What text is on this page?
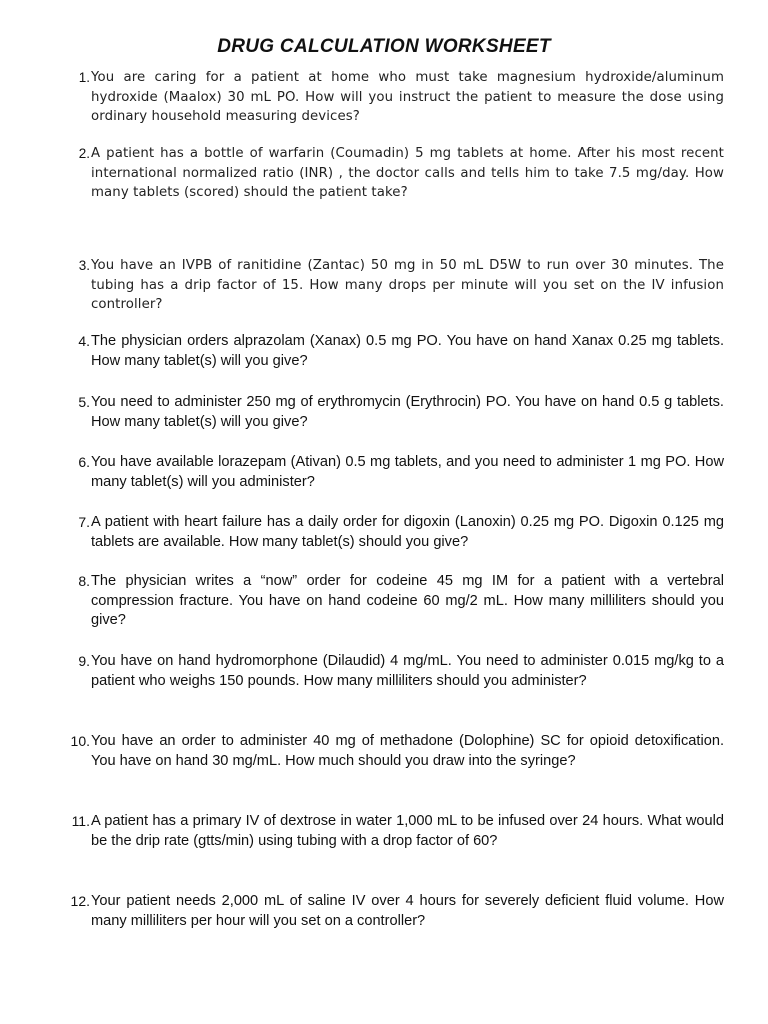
DRUG CALCULATION WORKSHEET
1. You are caring for a patient at home who must take magnesium hydroxide/aluminum hydroxide (Maalox) 30 mL PO. How will you instruct the patient to measure the dose using ordinary household measuring devices?
2. A patient has a bottle of warfarin (Coumadin) 5 mg tablets at home. After his most recent international normalized ratio (INR) , the doctor calls and tells him to take 7.5 mg/day. How many tablets (scored) should the patient take?
3. You have an IVPB of ranitidine (Zantac) 50 mg in 50 mL D5W to run over 30 minutes. The tubing has a drip factor of 15. How many drops per minute will you set on the IV infusion controller?
4. The physician orders alprazolam (Xanax) 0.5 mg PO. You have on hand Xanax 0.25 mg tablets. How many tablet(s) will you give?
5. You need to administer 250 mg of erythromycin (Erythrocin) PO. You have on hand 0.5 g tablets. How many tablet(s) will you give?
6. You have available lorazepam (Ativan) 0.5 mg tablets, and you need to administer 1 mg PO. How many tablet(s) will you administer?
7. A patient with heart failure has a daily order for digoxin (Lanoxin) 0.25 mg PO. Digoxin 0.125 mg tablets are available. How many tablet(s) should you give?
8. The physician writes a “now” order for codeine 45 mg IM for a patient with a vertebral compression fracture. You have on hand codeine 60 mg/2 mL. How many milliliters should you give?
9. You have on hand hydromorphone (Dilaudid) 4 mg/mL. You need to administer 0.015 mg/kg to a patient who weighs 150 pounds. How many milliliters should you administer?
10. You have an order to administer 40 mg of methadone (Dolophine) SC for opioid detoxification. You have on hand 30 mg/mL. How much should you draw into the syringe?
11. A patient has a primary IV of dextrose in water 1,000 mL to be infused over 24 hours. What would be the drip rate (gtts/min) using tubing with a drop factor of 60?
12. Your patient needs 2,000 mL of saline IV over 4 hours for severely deficient fluid volume. How many milliliters per hour will you set on a controller?
